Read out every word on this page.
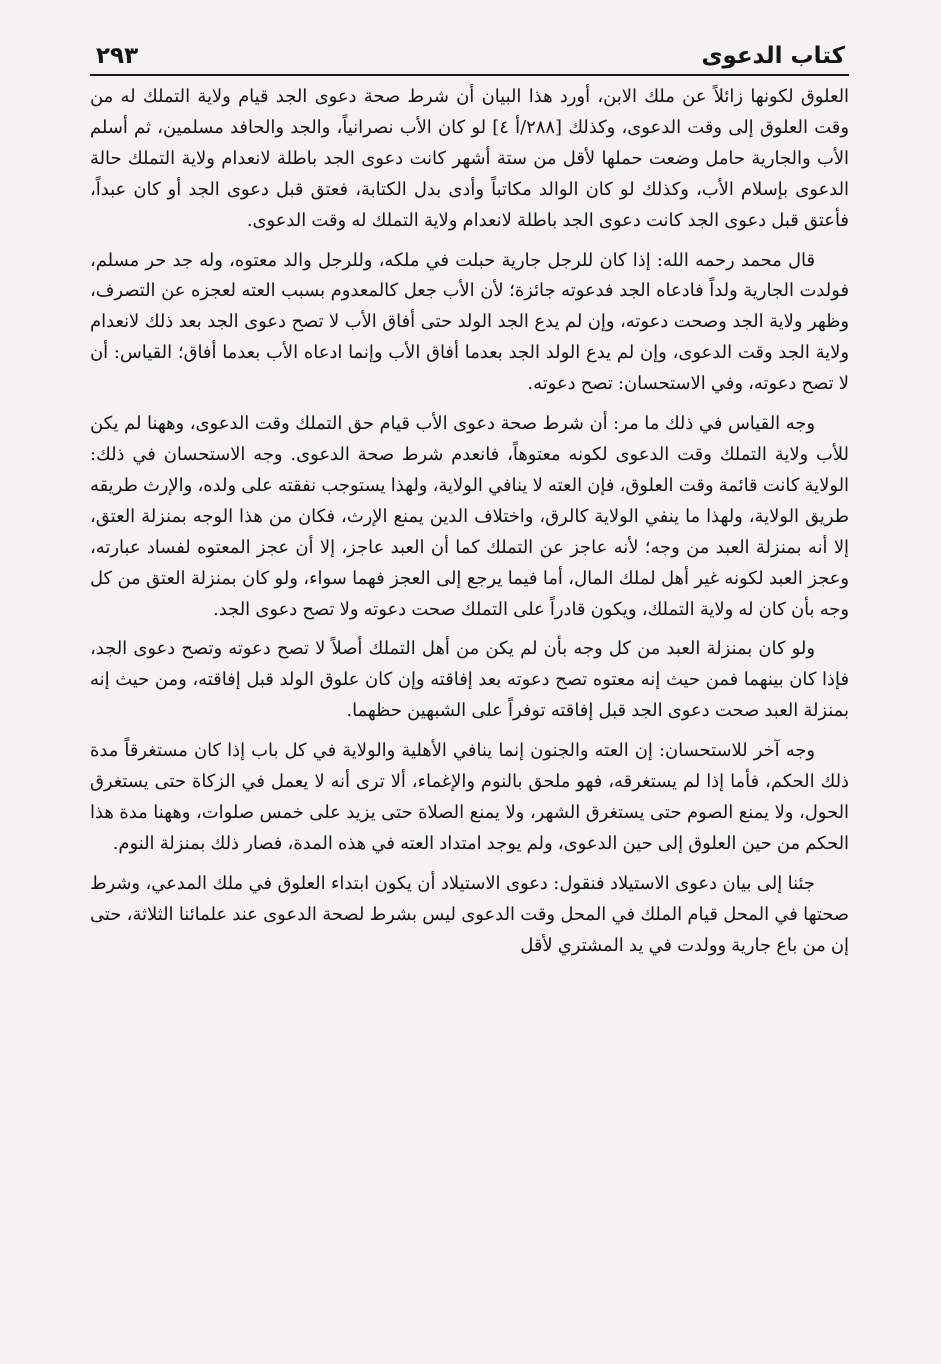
كتاب الدعوى
٢٩٣

العلوق لكونها زائلاً عن ملك الابن، أورد هذا البيان أن شرط صحة دعوى الجد قيام ولاية التملك له من وقت العلوق إلى وقت الدعوى، وكذلك [٢٨٨/أ ٤] لو كان الأب نصرانياً، والجد والحافد مسلمين، ثم أسلم الأب والجارية حامل وضعت حملها لأقل من ستة أشهر كانت دعوى الجد باطلة لانعدام ولاية التملك حالة الدعوى بإسلام الأب، وكذلك لو كان الوالد مكاتباً وأدى بدل الكتابة، فعتق قبل دعوى الجد أو كان عبداً، فأعتق قبل دعوى الجد كانت دعوى الجد باطلة لانعدام ولاية التملك له وقت الدعوى.

قال محمد رحمه الله: إذا كان للرجل جارية حبلت في ملكه، وللرجل والد معتوه، وله جد حر مسلم، فولدت الجارية ولداً فادعاه الجد فدعوته جائزة؛ لأن الأب جعل كالمعدوم بسبب العته لعجزه عن التصرف، وظهر ولاية الجد وصحت دعوته، وإن لم يدع الجد الولد حتى أفاق الأب لا تصح دعوى الجد بعد ذلك لانعدام ولاية الجد وقت الدعوى، وإن لم يدع الولد الجد بعدما أفاق الأب وإنما ادعاه الأب بعدما أفاق؛ القياس: أن لا تصح دعوته، وفي الاستحسان: تصح دعوته.

وجه القياس في ذلك ما مر: أن شرط صحة دعوى الأب قيام حق التملك وقت الدعوى، وههنا لم يكن للأب ولاية التملك وقت الدعوى لكونه معتوهاً، فانعدم شرط صحة الدعوى. وجه الاستحسان في ذلك: الولاية كانت قائمة وقت العلوق، فإن العته لا ينافي الولاية، ولهذا يستوجب نفقته على ولده، والإرث طريقه طريق الولاية، ولهذا ما ينفي الولاية كالرق، واختلاف الدين يمنع الإرث، فكان من هذا الوجه بمنزلة العتق، إلا أنه بمنزلة العبد من وجه؛ لأنه عاجز عن التملك كما أن العبد عاجز، إلا أن عجز المعتوه لفساد عبارته، وعجز العبد لكونه غير أهل لملك المال، أما فيما يرجع إلى العجز فهما سواء، ولو كان بمنزلة العتق من كل وجه بأن كان له ولاية التملك، ويكون قادراً على التملك صحت دعوته ولا تصح دعوى الجد.

ولو كان بمنزلة العبد من كل وجه بأن لم يكن من أهل التملك أصلاً لا تصح دعوته وتصح دعوى الجد، فإذا كان بينهما فمن حيث إنه معتوه تصح دعوته بعد إفاقته وإن كان علوق الولد قبل إفاقته، ومن حيث إنه بمنزلة العبد صحت دعوى الجد قبل إفاقته توفراً على الشبهين حظهما.

وجه آخر للاستحسان: إن العته والجنون إنما ينافي الأهلية والولاية في كل باب إذا كان مستغرقاً مدة ذلك الحكم، فأما إذا لم يستغرقه، فهو ملحق بالنوم والإغماء، ألا ترى أنه لا يعمل في الزكاة حتى يستغرق الحول، ولا يمنع الصوم حتى يستغرق الشهر، ولا يمنع الصلاة حتى يزيد على خمس صلوات، وههنا مدة هذا الحكم من حين العلوق إلى حين الدعوى، ولم يوجد امتداد العته في هذه المدة، فصار ذلك بمنزلة النوم.

جئنا إلى بيان دعوى الاستيلاد فنقول: دعوى الاستيلاد أن يكون ابتداء العلوق في ملك المدعي، وشرط صحتها في المحل قيام الملك في المحل وقت الدعوى ليس بشرط لصحة الدعوى عند علمائنا الثلاثة، حتى إن من باع جارية وولدت في يد المشتري لأقل
